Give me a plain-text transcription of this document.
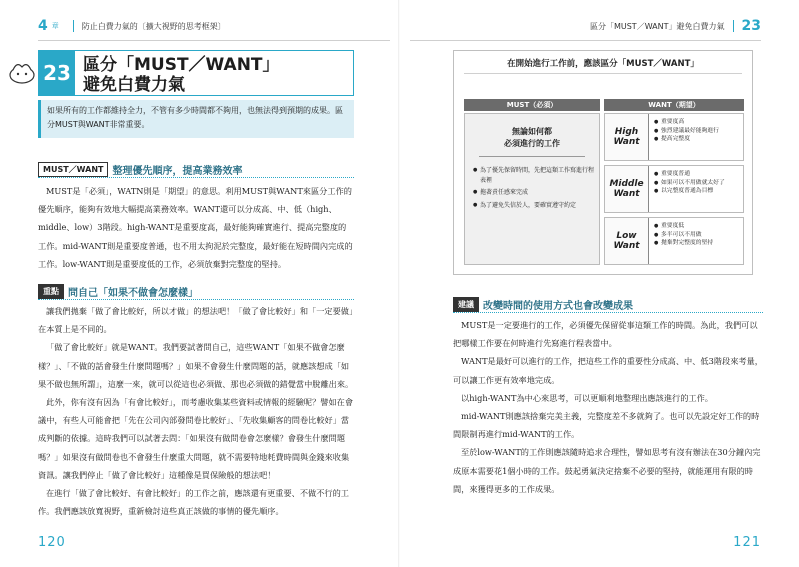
4 章	防止白費力氣的〔擴大視野的思考框架〕
23 區分「MUST／WANT」
避免白費力氣
如果所有的工作都維持全力，不管有多少時間都不夠用，也無法得到預期的成果。區分MUST與WANT非常重要。
MUST／WANT 整理優先順序，提高業務效率
MUST是「必須」，WATN則是「期望」的意思。利用MUST與WANT來區分工作的優先順序，能夠有效地大幅提高業務效率。WANT還可以分成高、中、低（high、middle、low）3階段。high-WANT是重要度高，最好能夠確實進行、提高完整度的工作。mid-WANT則是重要度普通，也不用太拘泥於完整度，最好能在短時間內完成的工作。low-WANT則是重要度低的工作，必須放棄對完整度的堅持。
重點 問自己「如果不做會怎麼樣」

讓我們拋棄「做了會比較好，所以才做」的想法吧！「做了會比較好」和「一定要做」在本質上是不同的。

「做了會比較好」就是WANT。我們要試著問自己，這些WANT「如果不做會怎麼樣？」、「不做的話會發生什麼問題嗎？」如果不會發生什麼問題的話，就應該想成「如果不做也無所謂」，這麼一來，就可以從這也必須做、那也必須做的錯覺當中脫離出來。

此外，你有沒有因為「有會比較好」，而考慮收集某些資料或情報的經驗呢？譬如在會議中，有些人可能會把「先在公司內部發問卷比較好」、「先收集顧客的問卷比較好」當成判斷的依據。這時我們可以試著去問：「如果沒有做問卷會怎麼樣？會發生什麼問題嗎？」如果沒有做問卷也不會發生什麼重大問題，就不需要特地耗費時間與金錢來收集資訊。讓我們停止「做了會比較好」這種像是買保險般的想法吧！

在進行「做了會比較好、有會比較好」的工作之前，應該還有更重要、不做不行的工作。我們應該放寬視野，重新檢討這些真正該做的事情的優先順序。

120
區分「MUST／WANT」避免白費力氣 23
在開始進行工作前，應該區分「MUST／WANT」
MUST（必須）	WANT（期望）
無論如何都
必須進行的工作
● 為了優先保留時間，先把這類工作寫進行程表裡
● 拖著責任感來完成
● 為了避免失信於人，要確實遵守約定
High
Want
● 重要度高
● 強烈建議最好能夠進行
● 提高完整度
Middle
Want
● 重要度普通
● 如果可以不用做就太好了
● 以完整度普通為目標
Low
Want
● 重要度低
● 多半可以不用做
● 拋棄對完整度的堅持
建議 改變時間的使用方式也會改變成果

MUST是一定要進行的工作，必須優先保留從事這類工作的時間。為此，我們可以把哪樣工作要在何時進行先寫進行程表當中。

WANT是最好可以進行的工作，把這些工作的重要性分成高、中、低3階段來考量，可以讓工作更有效率地完成。

以high-WANT為中心來思考，可以更順利地整理出應該進行的工作。

mid-WANT則應該捨棄完美主義，完整度差不多就夠了。也可以先設定好工作的時間限制再進行mid-WANT的工作。

至於low-WANT的工作則應該隨時追求合理性，譬如思考有沒有辦法在30分鐘內完成原本需要花1個小時的工作。鼓起勇氣決定捨棄不必要的堅持，就能運用有限的時間，來獲得更多的工作成果。

121
